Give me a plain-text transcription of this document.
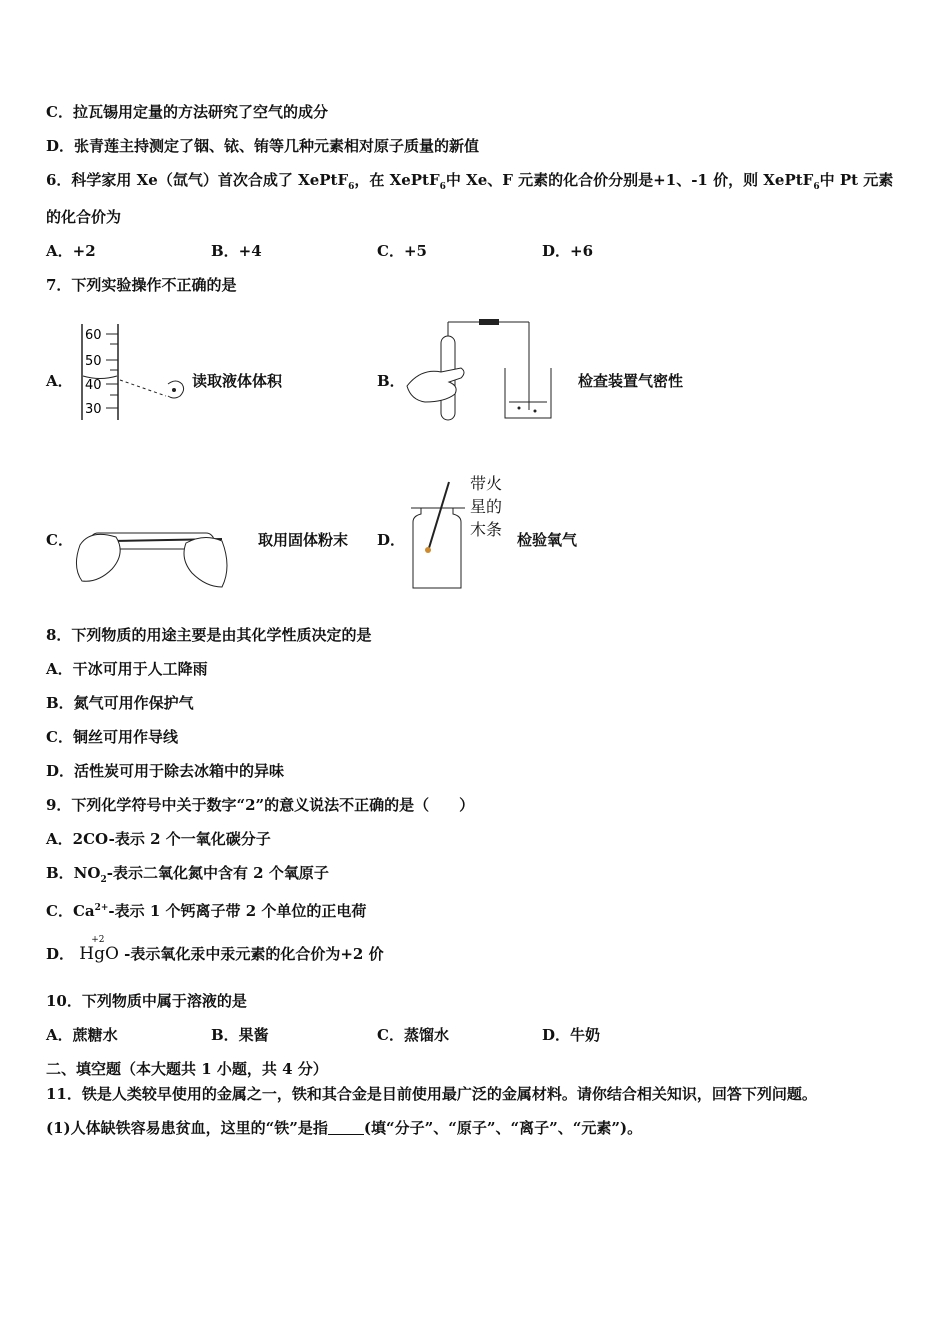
C．拉瓦锡用定量的方法研究了空气的成分
D．张青莲主持测定了铟、铱、铕等几种元素相对原子质量的新值
6．科学家用 Xe（氙气）首次合成了 XePtF$_6$，在 XePtF$_6$中 Xe、F 元素的化合价分别是+1、-1 价，则 XePtF$_6$中 Pt 元素
的化合价为
A．+2	B．+4	C．+5	D．+6
7．下列实验操作不正确的是
A．
60
50
40
30
读取液体体积	B．	检查装置气密性
C．	取用固体粉末 D．
带火
星的
木条
检验氧气
8．下列物质的用途主要是由其化学性质决定的是
A．干冰可用于人工降雨
B．氮气可用作保护气
C．铜丝可用作导线
D．活性炭可用于除去冰箱中的异味
9．下列化学符号中关于数字“2”的意义说法不正确的是（　　）
A．2CO-表示 2 个一氧化碳分子
B．$NO_2-$表示二氧化氮中含有 2 个氧原子
C．$Ca^{2+}-$表示 1 个钙离子带 2 个单位的正电荷
D．
+2
HgO -表示氧化汞中汞元素的化合价为+2 价
10．下列物质中属于溶液的是
A．蔗糖水	B．果酱	C．蒸馏水	D．牛奶
二、填空题（本大题共 1 小题，共 4 分）
11．铁是人类较早使用的金属之一，铁和其合金是目前使用最广泛的金属材料。请你结合相关知识，回答下列问题。
(1)人体缺铁容易患贫血，这里的“铁”是指 (填“分子”、“原子”、“离子”、“元素”)。
